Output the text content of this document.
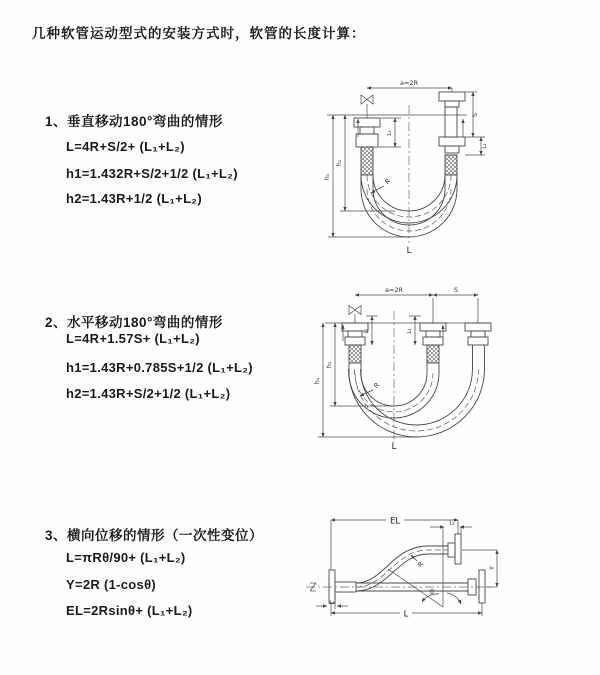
几种软管运动型式的安装方式时，软管的长度计算：
1、垂直移动180°弯曲的情形
L=4R+S/2+ (L₁+L₂)
h1=1.432R+S/2+1/2 (L₁+L₂)
h2=1.43R+1/2 (L₁+L₂)
2、水平移动180°弯曲的情形
L=4R+1.57S+ (L₁+L₂)
h1=1.43R+0.785S+1/2 (L₁+L₂)
h2=1.43R+S/2+1/2 (L₁+L₂)
3、横向位移的情形（一次性变位）
L=πRθ/90+ (L₁+L₂)
Y=2R (1-cosθ)
EL=2Rsinθ+ (L₁+L₂)
a=2R
L
h₁
h₂
L₁
S
L₂
R
a=2R	S
L
h₁
h₂
L₁	L₂
R
EL	L₂
Y
L
L₁
R
θ
